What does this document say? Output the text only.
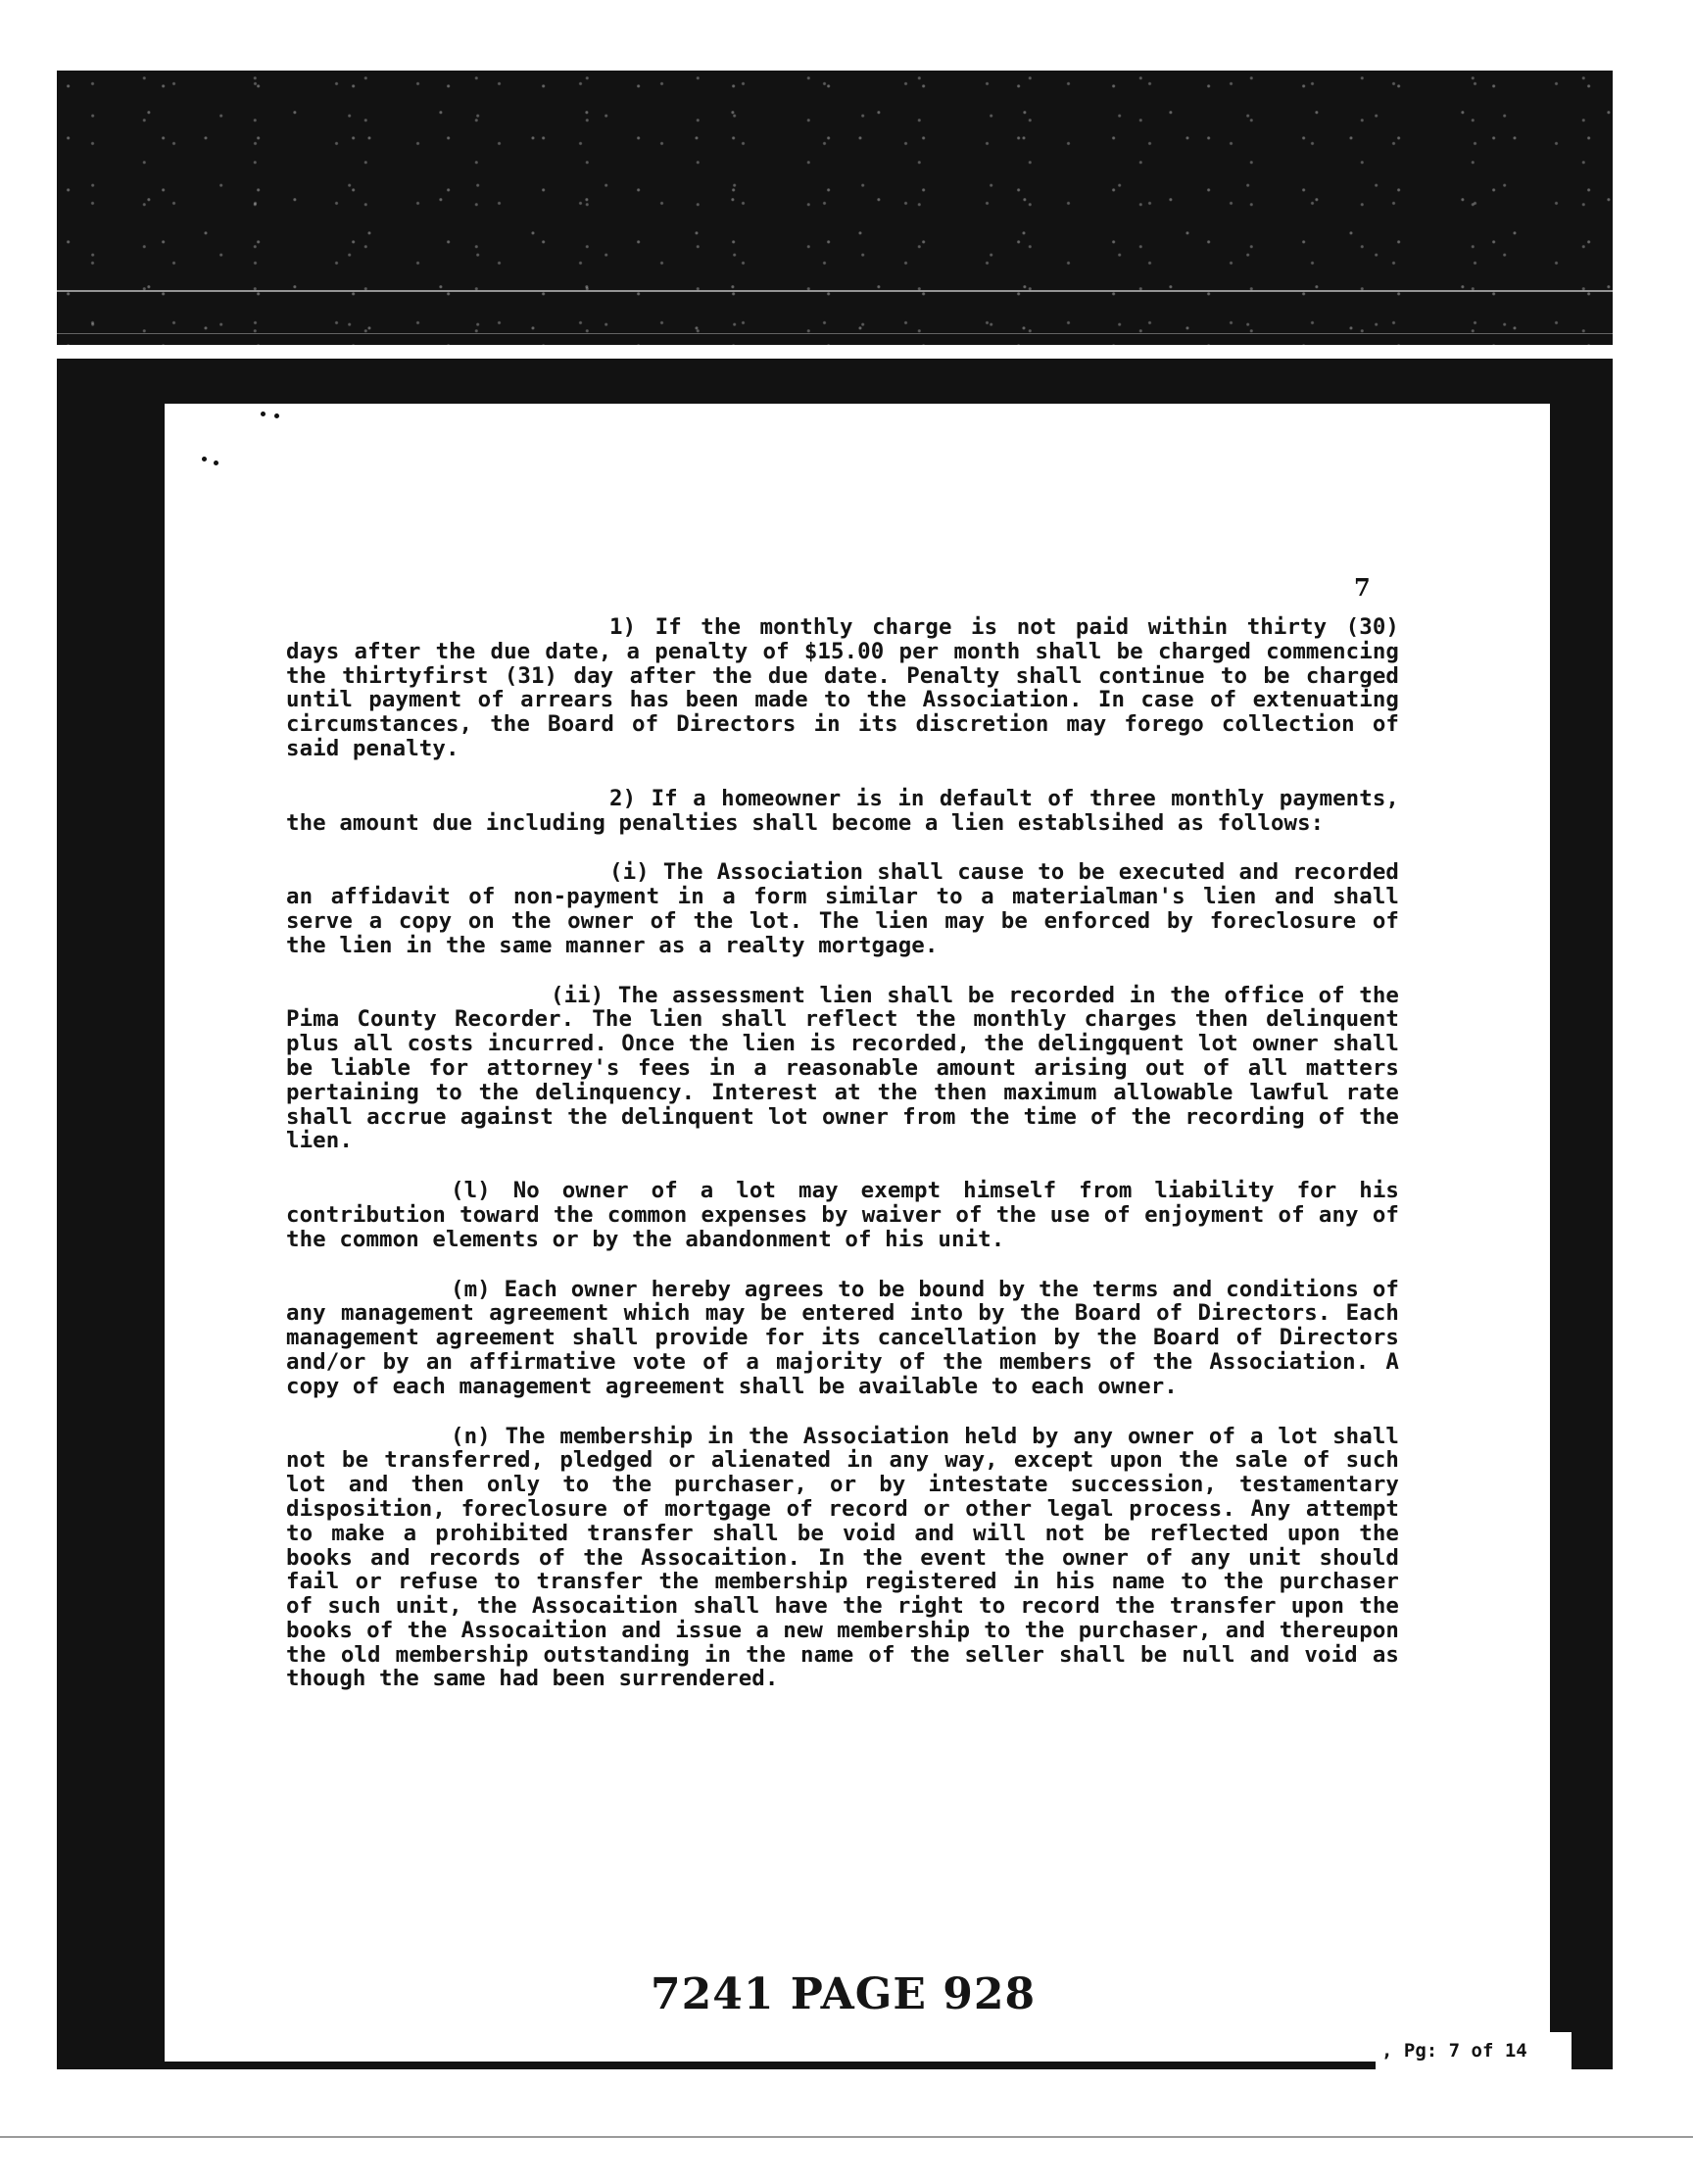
7

1) If the monthly charge is not paid within thirty (30) days after the due date, a penalty of $15.00 per month shall be charged commencing the thirtyfirst (31) day after the due date. Penalty shall continue to be charged until payment of arrears has been made to the Association. In case of extenuating circumstances, the Board of Directors in its discretion may forego collection of said penalty.

2) If a homeowner is in default of three monthly payments, the amount due including penalties shall become a lien establsihed as follows:

(i) The Association shall cause to be executed and recorded an affidavit of non-payment in a form similar to a materialman's lien and shall serve a copy on the owner of the lot. The lien may be enforced by foreclosure of the lien in the same manner as a realty mortgage.

(ii) The assessment lien shall be recorded in the office of the Pima County Recorder. The lien shall reflect the monthly charges then delinquent plus all costs incurred. Once the lien is recorded, the delingquent lot owner shall be liable for attorney's fees in a reasonable amount arising out of all matters pertaining to the delinquency. Interest at the then maximum allowable lawful rate shall accrue against the delinquent lot owner from the time of the recording of the lien.

(l) No owner of a lot may exempt himself from liability for his contribution toward the common expenses by waiver of the use of enjoyment of any of the common elements or by the abandonment of his unit.

(m) Each owner hereby agrees to be bound by the terms and conditions of any management agreement which may be entered into by the Board of Directors. Each management agreement shall provide for its cancellation by the Board of Directors and/or by an affirmative vote of a majority of the members of the Association. A copy of each management agreement shall be available to each owner.

(n) The membership in the Association held by any owner of a lot shall not be transferred, pledged or alienated in any way, except upon the sale of such lot and then only to the purchaser, or by intestate succession, testamentary disposition, foreclosure of mortgage of record or other legal process. Any attempt to make a prohibited transfer shall be void and will not be reflected upon the books and records of the Assocaition. In the event the owner of any unit should fail or refuse to transfer the membership registered in his name to the purchaser of such unit, the Assocaition shall have the right to record the transfer upon the books of the Assocaition and issue a new membership to the purchaser, and thereupon the old membership outstanding in the name of the seller shall be null and void as though the same had been surrendered.

7241 PAGE 928
, Pg: 7 of 14
